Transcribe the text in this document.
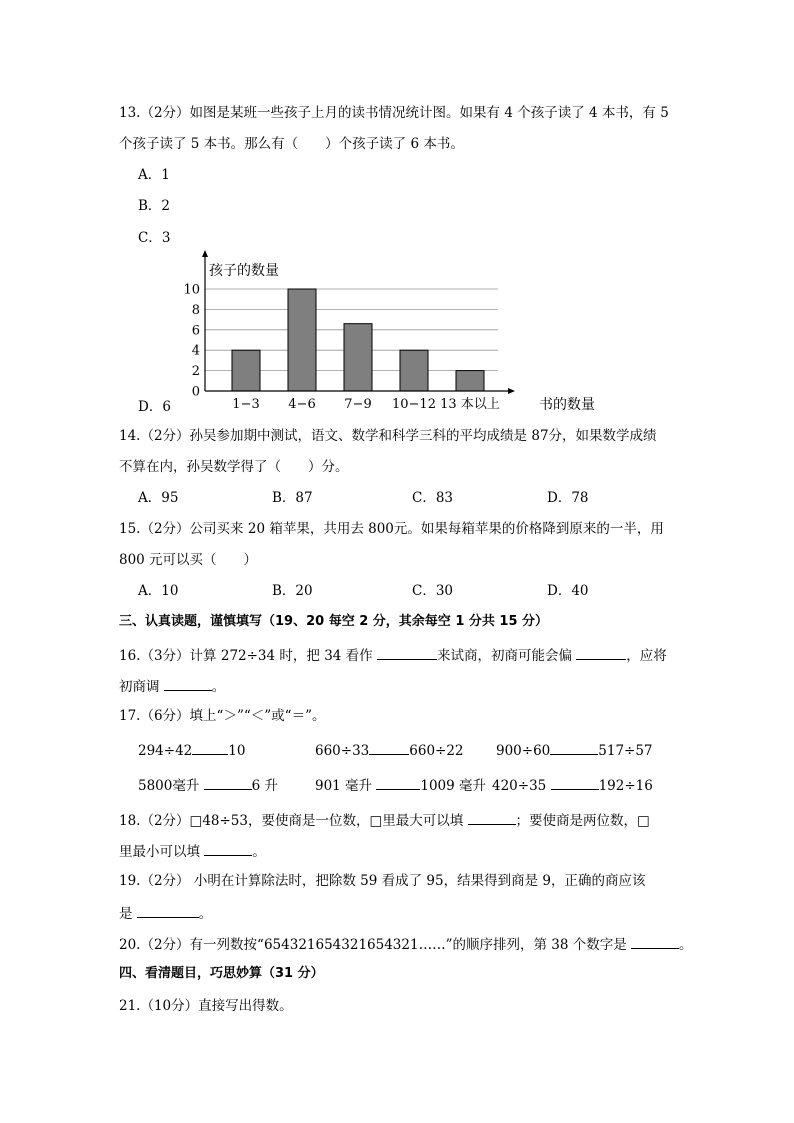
13.（2分）如图是某班一些孩子上月的读书情况统计图。如果有 4 个孩子读了 4 本书，有 5
个孩子读了 5 本书。那么有（　　）个孩子读了 6 本书。
A．1
B．2
C．3
D．6
0
2
4
6
8
10
1−3 4−6 7−9 10−12 13 本以上
孩子的数量
书的数量
14.（2分）孙吴参加期中测试，语文、数学和科学三科的平均成绩是 87分，如果数学成绩
不算在内，孙吴数学得了（　　）分。
A．95	B．87	C．83	D．78
15.（2分）公司买来 20 箱苹果，共用去 800元。如果每箱苹果的价格降到原来的一半，用
800 元可以买（　　）
A．10	B．20	C．30	D．40
三、认真读题，谨慎填写（19、20 每空 2 分，其余每空 1 分共 15 分）
16.（3分）计算 272÷34 时，把 34 看作	来试商，初商可能会偏	，应将
初商调	。
17.（6分）填上“＞”“＜”或“＝”。
294÷42	10	660÷33	660÷22 900÷60	517÷57
5800毫升	6 升	901 毫升	1009 毫升 420÷35	192÷16
18.（2分）□48÷53，要使商是一位数，□里最大可以填	；要使商是两位数，□
里最小可以填	。
19.（2分） 小明在计算除法时，把除数 59 看成了 95，结果得到商是 9，正确的商应该
是	。
20.（2分）有一列数按“654321654321654321……”的顺序排列，第 38 个数字是	。
四、看清题目，巧思妙算（31 分）
21.（10分）直接写出得数。
